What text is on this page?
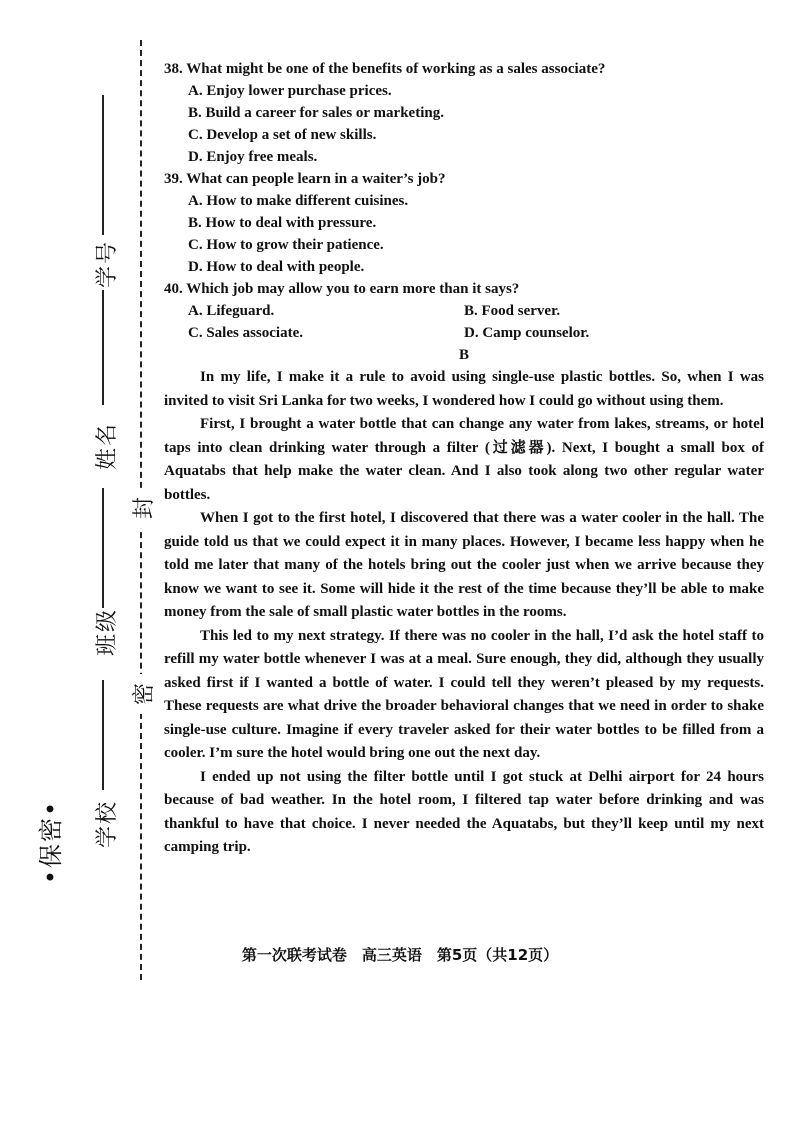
学号
姓名
班级
学校
封
密
•保密•

38. What might be one of the benefits of working as a sales associate?

A. Enjoy lower purchase prices.

B. Build a career for sales or marketing.

C. Develop a set of new skills.

D. Enjoy free meals.

39. What can people learn in a waiter’s job?

A. How to make different cuisines.

B. How to deal with pressure.

C. How to grow their patience.

D. How to deal with people.

40. Which job may allow you to earn more than it says?

A. Lifeguard.	B. Food server.
C. Sales associate.	D. Camp counselor.

B

In my life, I make it a rule to avoid using single-use plastic bottles. So, when I was invited to visit Sri Lanka for two weeks, I wondered how I could go without using them.

First, I brought a water bottle that can change any water from lakes, streams, or hotel taps into clean drinking water through a filter (过滤器). Next, I bought a small box of Aquatabs that help make the water clean. And I also took along two other regular water bottles.

When I got to the first hotel, I discovered that there was a water cooler in the hall. The guide told us that we could expect it in many places. However, I became less happy when he told me later that many of the hotels bring out the cooler just when we arrive because they know we want to see it. Some will hide it the rest of the time because they’ll be able to make money from the sale of small plastic water bottles in the rooms.

This led to my next strategy. If there was no cooler in the hall, I’d ask the hotel staff to refill my water bottle whenever I was at a meal. Sure enough, they did, although they usually asked first if I wanted a bottle of water. I could tell they weren’t pleased by my requests. These requests are what drive the broader behavioral changes that we need in order to shake single-use culture. Imagine if every traveler asked for their water bottles to be filled from a cooler. I’m sure the hotel would bring one out the next day.

I ended up not using the filter bottle until I got stuck at Delhi airport for 24 hours because of bad weather. In the hotel room, I filtered tap water before drinking and was thankful to have that choice. I never needed the Aquatabs, but they’ll keep until my next camping trip.

第一次联考试卷　高三英语　第5页（共12页）
